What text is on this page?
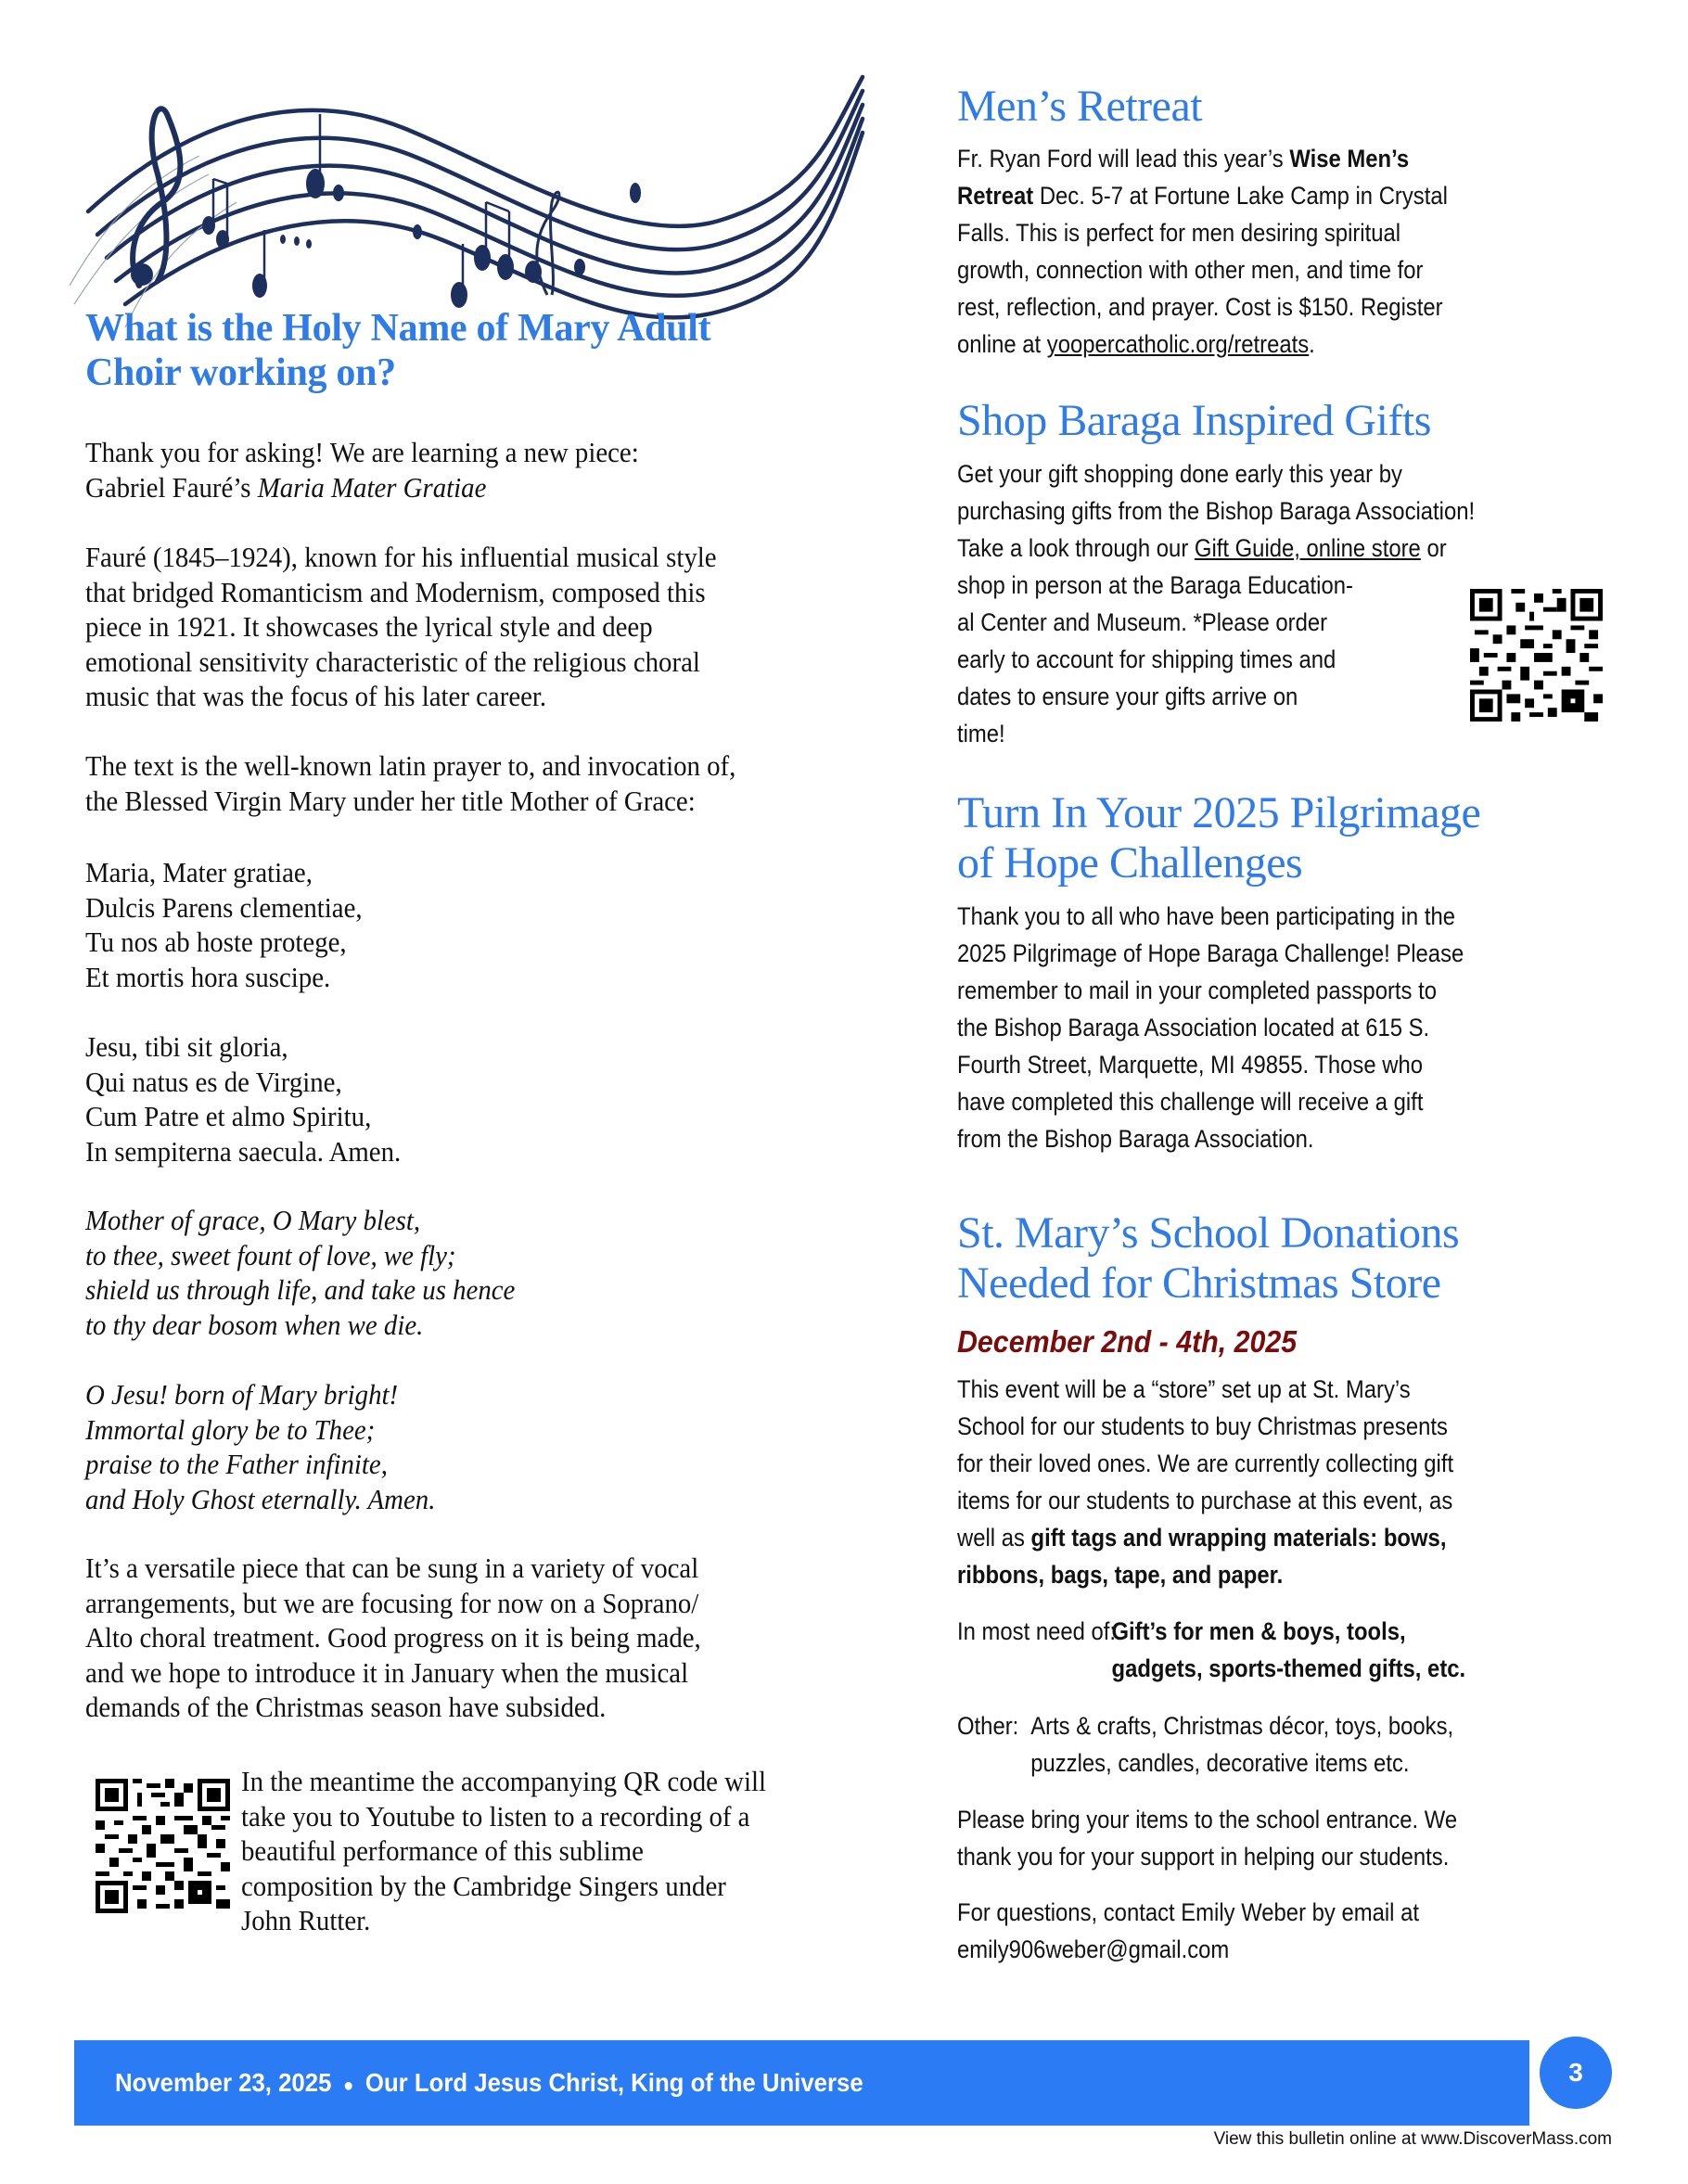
What is the Holy Name of Mary Adult
Choir working on?
Thank you for asking! We are learning a new piece:
Gabriel Fauré’s Maria Mater Gratiae
Fauré (1845–1924), known for his influential musical style
that bridged Romanticism and Modernism, composed this
piece in 1921. It showcases the lyrical style and deep
emotional sensitivity characteristic of the religious choral
music that was the focus of his later career.
The text is the well-known latin prayer to, and invocation of,
the Blessed Virgin Mary under her title Mother of Grace:
Maria, Mater gratiae,
Dulcis Parens clementiae,
Tu nos ab hoste protege,
Et mortis hora suscipe.
Jesu, tibi sit gloria,
Qui natus es de Virgine,
Cum Patre et almo Spiritu,
In sempiterna saecula. Amen.
Mother of grace, O Mary blest,
to thee, sweet fount of love, we fly;
shield us through life, and take us hence
to thy dear bosom when we die.
O Jesu! born of Mary bright!
Immortal glory be to Thee;
praise to the Father infinite,
and Holy Ghost eternally. Amen.
It’s a versatile piece that can be sung in a variety of vocal
arrangements, but we are focusing for now on a Soprano/
Alto choral treatment. Good progress on it is being made,
and we hope to introduce it in January when the musical
demands of the Christmas season have subsided.
In the meantime the accompanying QR code will
take you to Youtube to listen to a recording of a
beautiful performance of this sublime
composition by the Cambridge Singers under
John Rutter.
Men’s Retreat
Fr. Ryan Ford will lead this year’s Wise Men’s
Retreat Dec. 5-7 at Fortune Lake Camp in Crystal
Falls. This is perfect for men desiring spiritual
growth, connection with other men, and time for
rest, reflection, and prayer. Cost is $150. Register
online at yoopercatholic.org/retreats.
Shop Baraga Inspired Gifts
Get your gift shopping done early this year by
purchasing gifts from the Bishop Baraga Association!
Take a look through our Gift Guide, online store or
shop in person at the Baraga Education-
al Center and Museum. *Please order
early to account for shipping times and
dates to ensure your gifts arrive on
time!
Turn In Your 2025 Pilgrimage
of Hope Challenges
Thank you to all who have been participating in the
2025 Pilgrimage of Hope Baraga Challenge! Please
remember to mail in your completed passports to
the Bishop Baraga Association located at 615 S.
Fourth Street, Marquette, MI 49855. Those who
have completed this challenge will receive a gift
from the Bishop Baraga Association.
St. Mary’s School Donations
Needed for Christmas Store
December 2nd - 4th, 2025
This event will be a “store” set up at St. Mary’s
School for our students to buy Christmas presents
for their loved ones. We are currently collecting gift
items for our students to purchase at this event, as
well as gift tags and wrapping materials: bows,
ribbons, bags, tape, and paper.
In most need of:Gift’s for men & boys, tools,
gadgets, sports-themed gifts, etc.
Other: Arts & crafts, Christmas décor, toys, books,
puzzles, candles, decorative items etc.
Please bring your items to the school entrance. We
thank you for your support in helping our students.
For questions, contact Emily Weber by email at
emily906weber@gmail.com
November 23, 2025 ● Our Lord Jesus Christ, King of the Universe	3
View this bulletin online at www.DiscoverMass.com
